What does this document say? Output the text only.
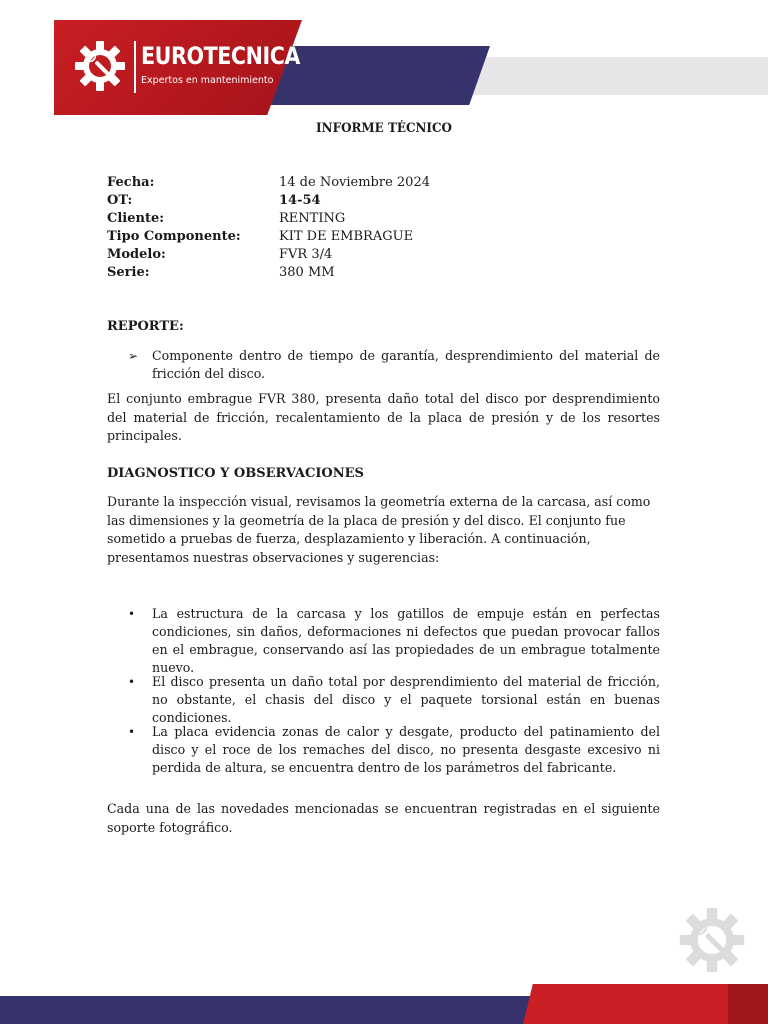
EUROTECNICA
Expertos en mantenimiento
INFORME TÉCNICO
Fecha:	14 de Noviembre 2024
OT:	14-54
Cliente:	RENTING
Tipo Componente:	KIT DE EMBRAGUE
Modelo:	FVR 3/4
Serie:	380 MM
REPORTE:
➢	Componente dentro de tiempo de garantía, desprendimiento del material de fricción del disco.
El conjunto embrague FVR 380, presenta daño total del disco por desprendimiento del material de fricción, recalentamiento de la placa de presión y de los resortes principales.
DIAGNOSTICO Y OBSERVACIONES
Durante la inspección visual, revisamos la geometría externa de la carcasa, así como las dimensiones y la geometría de la placa de presión y del disco. El conjunto fue sometido a pruebas de fuerza, desplazamiento y liberación. A continuación, presentamos nuestras observaciones y sugerencias:
•	La estructura de la carcasa y los gatillos de empuje están en perfectas condiciones, sin daños, deformaciones ni defectos que puedan provocar fallos en el embrague, conservando así las propiedades de un embrague totalmente nuevo.
•	El disco presenta un daño total por desprendimiento del material de fricción, no obstante, el chasis del disco y el paquete torsional están en buenas condiciones.
•	La placa evidencia zonas de calor y desgate, producto del patinamiento del disco y el roce de los remaches del disco, no presenta desgaste excesivo ni perdida de altura, se encuentra dentro de los parámetros del fabricante.
Cada una de las novedades mencionadas se encuentran registradas en el siguiente soporte fotográfico.
